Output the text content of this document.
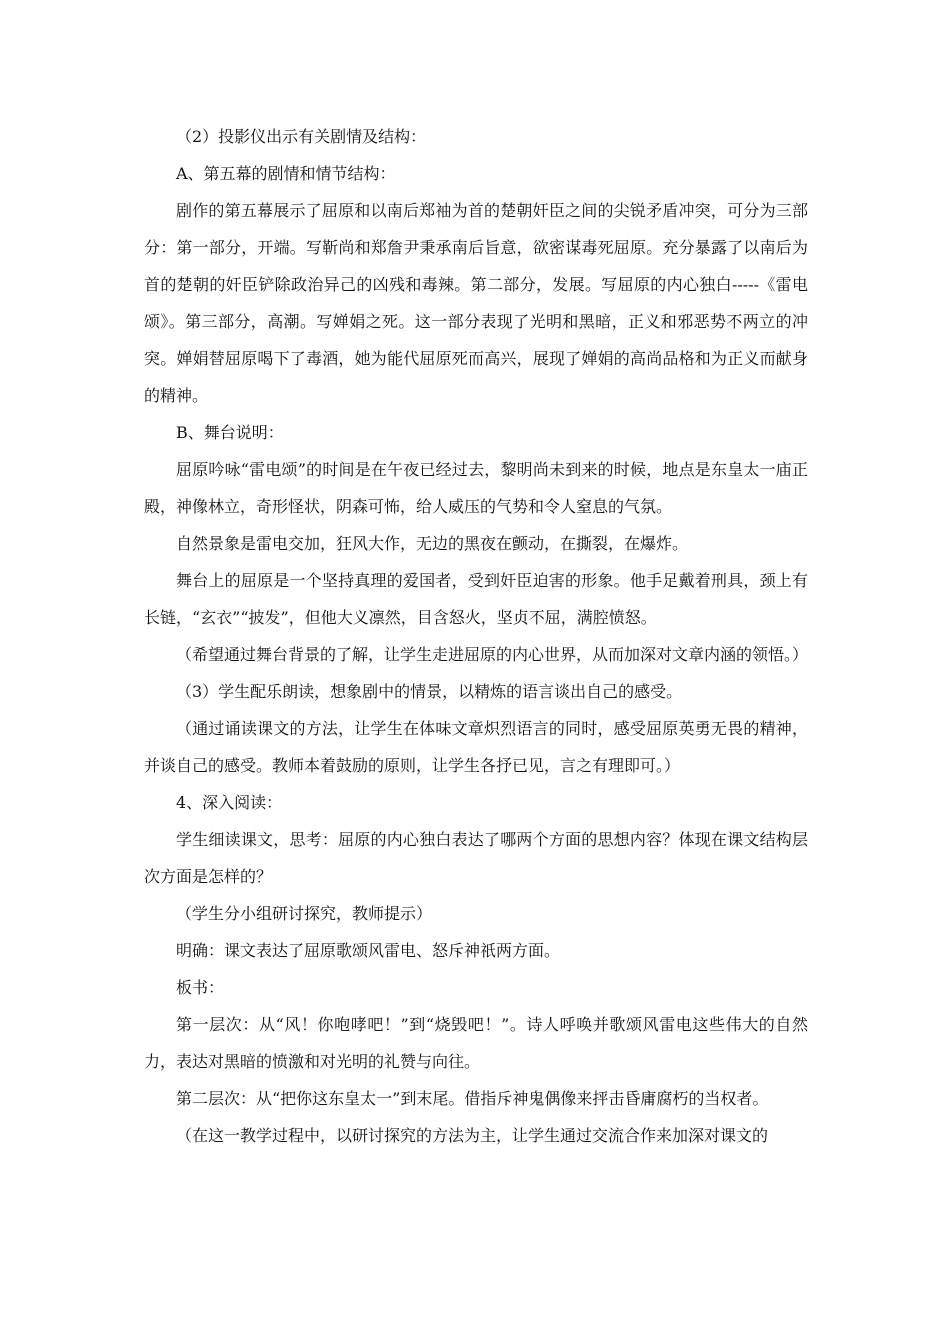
（2）投影仪出示有关剧情及结构：

A、第五幕的剧情和情节结构：

剧作的第五幕展示了屈原和以南后郑袖为首的楚朝奸臣之间的尖锐矛盾冲突，可分为三部分：第一部分，开端。写靳尚和郑詹尹秉承南后旨意，欲密谋毒死屈原。充分暴露了以南后为首的楚朝的奸臣铲除政治异己的凶残和毒辣。第二部分，发展。写屈原的内心独白-----《雷电颂》。第三部分，高潮。写婵娟之死。这一部分表现了光明和黑暗，正义和邪恶势不两立的冲突。婵娟替屈原喝下了毒酒，她为能代屈原死而高兴，展现了婵娟的高尚品格和为正义而献身的精神。

B、舞台说明：

屈原吟咏“雷电颂”的时间是在午夜已经过去，黎明尚未到来的时候，地点是东皇太一庙正殿，神像林立，奇形怪状，阴森可怖，给人威压的气势和令人窒息的气氛。

自然景象是雷电交加，狂风大作，无边的黑夜在颤动，在撕裂，在爆炸。

舞台上的屈原是一个坚持真理的爱国者，受到奸臣迫害的形象。他手足戴着刑具，颈上有长链，“玄衣”“披发”，但他大义凛然，目含怒火，坚贞不屈，满腔愤怒。

（希望通过舞台背景的了解，让学生走进屈原的内心世界，从而加深对文章内涵的领悟。）

（3）学生配乐朗读，想象剧中的情景，以精炼的语言谈出自己的感受。

（通过诵读课文的方法，让学生在体味文章炽烈语言的同时，感受屈原英勇无畏的精神，并谈自己的感受。教师本着鼓励的原则，让学生各抒已见，言之有理即可。）

4、深入阅读：

学生细读课文，思考：屈原的内心独白表达了哪两个方面的思想内容？体现在课文结构层次方面是怎样的？

（学生分小组研讨探究，教师提示）

明确：课文表达了屈原歌颂风雷电、怒斥神祇两方面。

板书：

第一层次：从“风！你咆哮吧！”到“烧毁吧！”。诗人呼唤并歌颂风雷电这些伟大的自然力，表达对黑暗的愤激和对光明的礼赞与向往。

第二层次：从“把你这东皇太一”到末尾。借指斥神鬼偶像来抨击昏庸腐朽的当权者。

（在这一教学过程中，以研讨探究的方法为主，让学生通过交流合作来加深对课文的
